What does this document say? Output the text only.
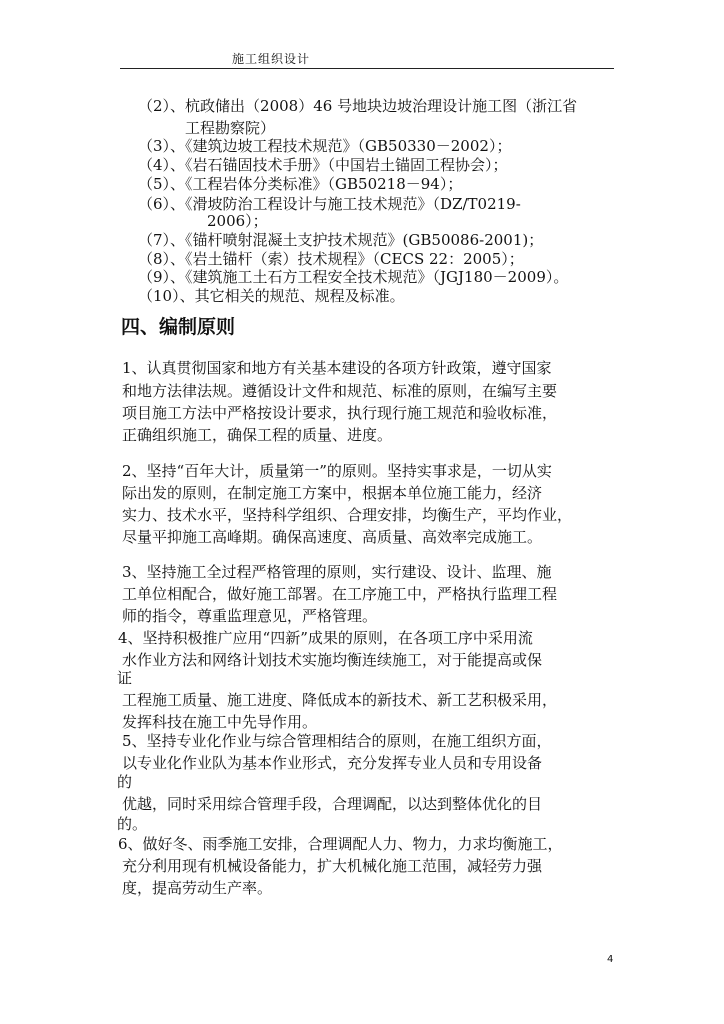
施工组织设计
（2）、杭政储出（2008）46 号地块边坡治理设计施工图（浙江省
工程勘察院）
（3）、《建筑边坡工程技术规范》（GB50330－2002）；
（4）、《岩石锚固技术手册》（中国岩土锚固工程协会）；
（5）、《工程岩体分类标准》（GB50218－94）；
（6）、《滑坡防治工程设计与施工技术规范》（DZ/T0219-
2006）；
（7）、《锚杆喷射混凝土支护技术规范》(GB50086-2001)；
（8）、《岩土锚杆（索）技术规程》（CECS 22：2005）；
（9）、《建筑施工土石方工程安全技术规范》（JGJ180－2009）。
（10）、其它相关的规范、规程及标准。
四、编制原则
1、认真贯彻国家和地方有关基本建设的各项方针政策，遵守国家
和地方法律法规。遵循设计文件和规范、标准的原则，在编写主要
项目施工方法中严格按设计要求，执行现行施工规范和验收标准，
正确组织施工，确保工程的质量、进度。
2、坚持“百年大计，质量第一”的原则。坚持实事求是，一切从实
际出发的原则，在制定施工方案中，根据本单位施工能力，经济
实力、技术水平，坚持科学组织、合理安排，均衡生产，平均作业，
尽量平抑施工高峰期。确保高速度、高质量、高效率完成施工。
3、坚持施工全过程严格管理的原则，实行建设、设计、监理、施
工单位相配合，做好施工部署。在工序施工中，严格执行监理工程
师的指令，尊重监理意见，严格管理。
4、坚持积极推广应用“四新”成果的原则，在各项工序中采用流
水作业方法和网络计划技术实施均衡连续施工，对于能提高或保
证
工程施工质量、施工进度、降低成本的新技术、新工艺积极采用，
发挥科技在施工中先导作用。
5、坚持专业化作业与综合管理相结合的原则，在施工组织方面，
以专业化作业队为基本作业形式，充分发挥专业人员和专用设备
的
优越，同时采用综合管理手段，合理调配，以达到整体优化的目
的。
6、做好冬、雨季施工安排，合理调配人力、物力，力求均衡施工，
充分利用现有机械设备能力，扩大机械化施工范围，减轻劳力强
度，提高劳动生产率。
4
